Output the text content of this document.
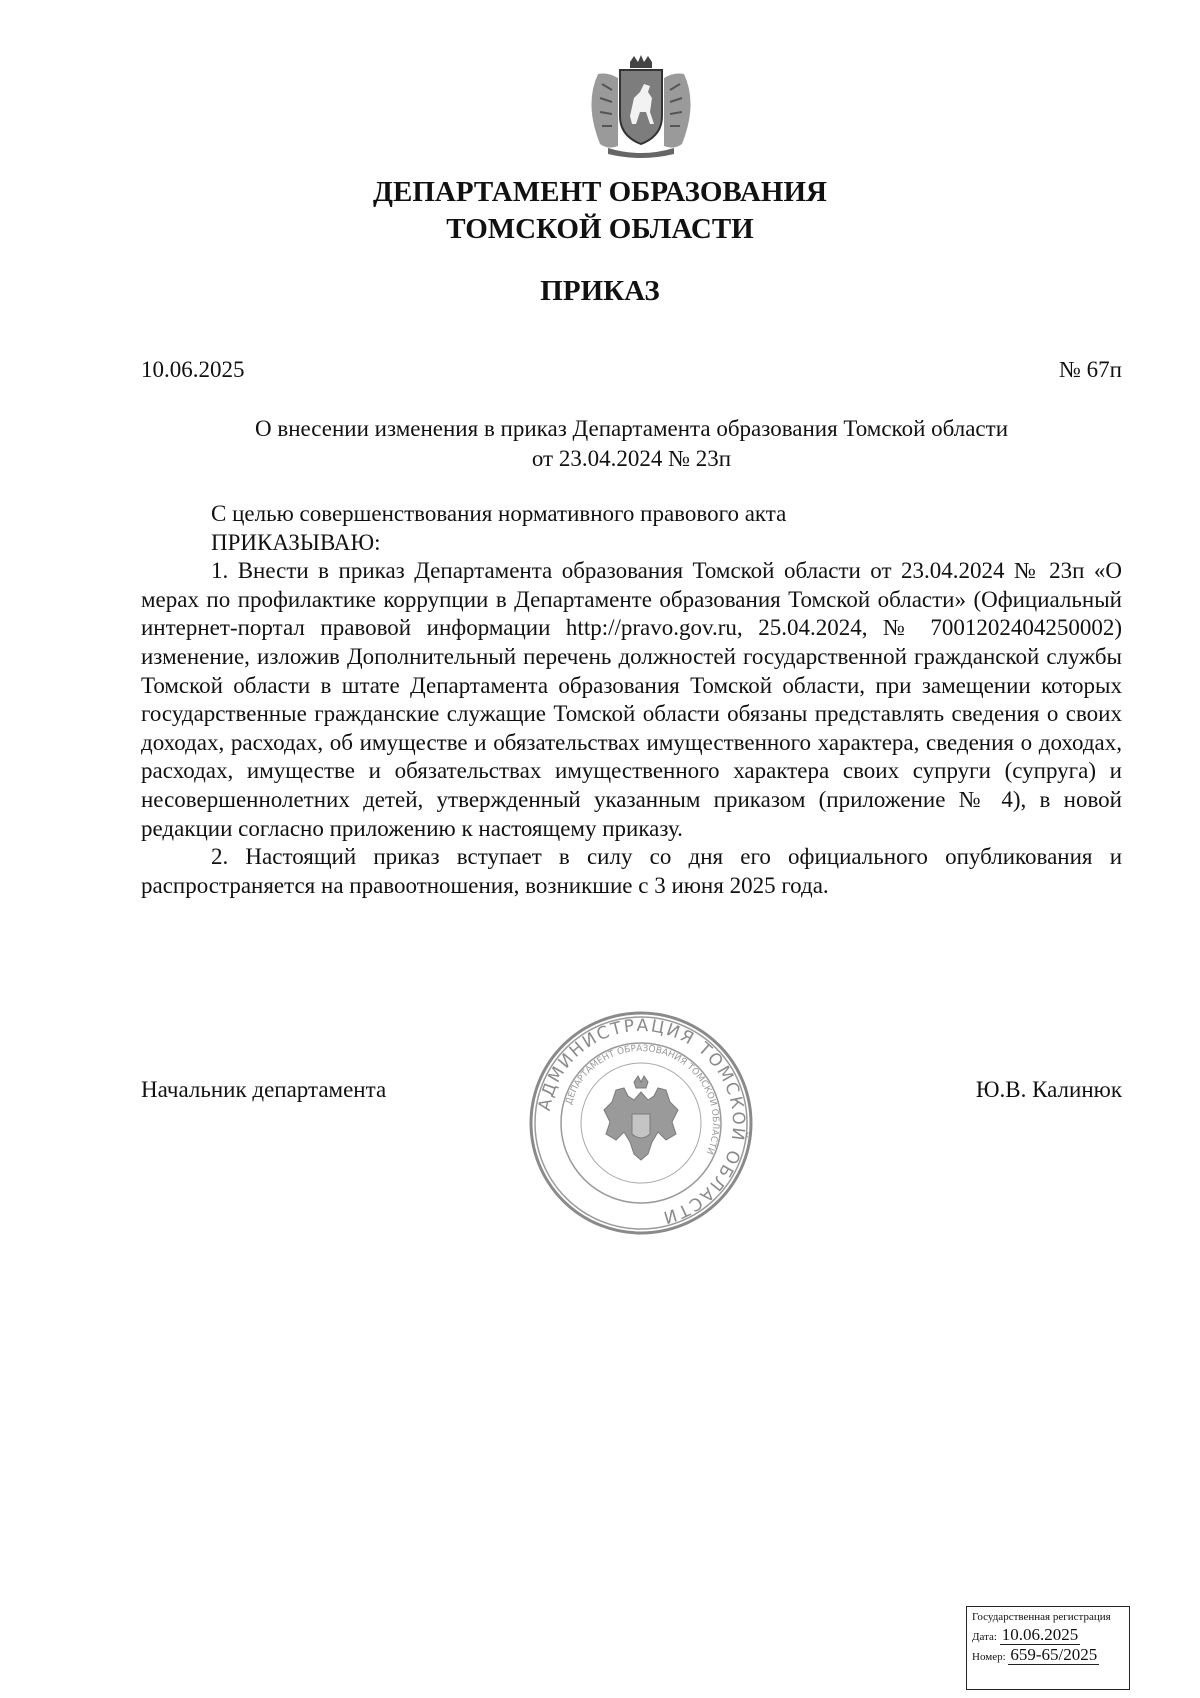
ДЕПАРТАМЕНТ ОБРАЗОВАНИЯ
ТОМСКОЙ ОБЛАСТИ
ПРИКАЗ
10.06.2025	№ 67п
О внесении изменения в приказ Департамента образования Томской области
от 23.04.2024 № 23п

С целью совершенствования нормативного правового акта

ПРИКАЗЫВАЮ:

1. Внести в приказ Департамента образования Томской области от 23.04.2024 № 23п «О мерах по профилактике коррупции в Департаменте образования Томской области» (Официальный интернет-портал правовой информации http://pravo.gov.ru, 25.04.2024, № 7001202404250002) изменение, изложив Дополнительный перечень должностей государственной гражданской службы Томской области в штате Департамента образования Томской области, при замещении которых государственные гражданские служащие Томской области обязаны представлять сведения о своих доходах, расходах, об имуществе и обязательствах имущественного характера, сведения о доходах, расходах, имуществе и обязательствах имущественного характера своих супруги (супруга) и несовершеннолетних детей, утвержденный указанным приказом (приложение № 4), в новой редакции согласно приложению к настоящему приказу.

2. Настоящий приказ вступает в силу со дня его официального опубликования и распространяется на правоотношения, возникшие с 3 июня 2025 года.

Начальник департамента	Ю.В. Калинюк
АДМИНИСТРАЦИЯ ТОМСКОЙ ОБЛАСТИ
ДЕПАРТАМЕНТ ОБРАЗОВАНИЯ ТОМСКОЙ ОБЛАСТИ
Государственная регистрация
Дата: 10.06.2025
Номер: 659-65/2025
